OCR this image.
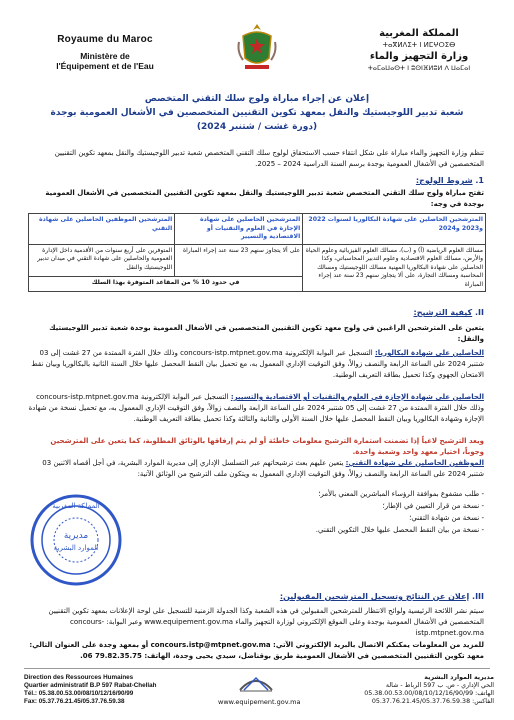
Royaume du Maroc
Ministère de
l'Équipement et de l'Eau
المملكة المغربية
ⵜⴰⴳⵍⴷⵉⵜ ⵏ ⵍⵎⵖⵔⵉⴱ
وزارة التجهيز والماء
ⵜⴰⵎⴰⵡⴰⵙⵜ ⵏ ⵓⵙⵏⴼⵍⵓⵍ ⴷ ⵡⴰⵎⴰⵏ
إعلان عن إجراء مباراة ولوج سلك التقني المتخصص
شعبة تدبير اللوجيستيك والنقل بمعهد تكوين التقنيين المتخصصين في الأشغال العمومية بوجدة
(دورة غشت / شتنبر 2024)
تنظم وزارة التجهيز والماء مباراة على شكل انتقاء حسب الاستحقاق لولوج سلك التقني المتخصص شعبة تدبير اللوجيستيك والنقل بمعهد تكوين التقنيين المتخصصين في الأشغال العمومية بوجدة برسم السنة الدراسية 2024 – 2025.
1. شروط الولوج:
تفتح مباراة ولوج سلك التقني المتخصص شعبة تدبير اللوجيستيك والنقل بمعهد تكوين التقنيين المتخصصين في الأشغال العمومية بوجدة في وجه:
المترشحين الحاصلين على شهادة البكالوريا لسنوات 2022 و2023 و2024	المترشحين الحاصلين على شهادة الإجازة في العلوم والتقنيات أو الاقتصادية والتسيير	المترشحين الموظفين الحاصلين على شهادة التقني
مسالك العلوم الرياضية (أ) و (ب)، مسالك العلوم الفيزيائية وعلوم الحياة والأرض، مسالك العلوم الاقتصادية وعلوم التدبير المحاسباتي، وكذا الحاصلين على شهادة البكالوريا المهنية مسالك اللوجيستيك ومسالك المحاسبة ومسالك التجارة، على ألا يتجاوز سنهم 23 سنة عند إجراء المباراة	على ألا يتجاوز سنهم 23 سنة عند إجراء المباراة	المتوفرين على أربع سنوات من الأقدمية داخل الإدارة العمومية والحاصلين على شهادة التقني في ميدان تدبير اللوجيستيك والنقل
	في حدود 10 % من المقاعد المتوفرة بهذا السلك	
II. كيفية الترشيح:
يتعين على المترشحين الراغبين في ولوج معهد تكوين التقنيين المتخصصين في الأشغال العمومية بوجدة شعبة تدبير اللوجيستيك والنقل:
الحاصلين على شهادة البكالوريا: التسجيل عبر البوابة الإلكترونية concours-istp.mtpnet.gov.ma وذلك خلال الفترة الممتدة من 27 غشت إلى 03 شتنبر 2024 على الساعة الرابعة والنصف زوالاً، وفق التوقيت الإداري المعمول به، مع تحميل بيان النقط المحصل عليها خلال السنة الثانية بالبكالوريا وبيان نقط الامتحان الجهوي وكذا تحميل بطاقة التعريف الوطنية.
الحاصلين على شهادة الإجازة في العلوم والتقنيات أو الاقتصادية والتسيير: التسجيل عبر البوابة الإلكترونية concours-istp.mtpnet.gov.ma وذلك خلال الفترة الممتدة من 27 غشت إلى 05 شتنبر 2024 على الساعة الرابعة والنصف زوالاً، وفق التوقيت الإداري المعمول به، مع تحميل نسخة من شهادة الإجازة وشهادة البكالوريا وبيان النقط المحصل عليها خلال السنة الأولى والثانية والثالثة وكذا تحميل بطاقة التعريف الوطنية.
ويعد الترشيح لاغياً إذا تضمنت استمارة الترشيح معلومات خاطئة أو لم يتم إرفاقها بالوثائق المطلوبة، كما يتعين على المترشحين وجوباً، اختيار معهد واحد وشعبة واحدة.
الموظفين الحاصلين على شهادة التقني: يتعين عليهم بعث ترشيحاتهم عبر التسلسل الإداري إلى مديرية الموارد البشرية، في أجل أقصاه الاثنين 03 شتنبر 2024 على الساعة الرابعة والنصف زوالاً، وفق التوقيت الإداري المعمول به ويتكون ملف الترشيح من الوثائق الآتية:
المملكة المغربية
مديرية
الموارد البشرية
- طلب مشفوع بموافقة الرؤساء المباشرين المعني بالأمر؛
- نسخة من قرار التعيين في الإطار؛
- نسخة من شهادة التقني؛
- نسخة من بيان النقط المحصل عليها خلال التكوين التقني.
III. إعلان عن النتائج وتسجيل المترشحين المقبولين:
سيتم نشر اللائحة الرئيسية ولوائح الانتظار للمترشحين المقبولين في هذه الشعبة وكذا الجدولة الزمنية للتسجيل على لوحة الإعلانات بمعهد تكوين التقنيين المتخصصين في الأشغال العمومية بوجدة وعلى الموقع الإلكتروني لوزارة التجهيز والماء www.equipement.gov.ma وعبر البوابة: concours-istp.mtpnet.gov.ma
للمزيد من المعلومات يمكنكم الاتصال بالبريد الإلكتروني الآتي: concours.istp@mtpnet.gov.ma أو بمعهد وجدة على العنوان التالي: معهد تكوين التقنيين المتخصصين في الأشغال العمومية طريق بوقناضل، سيدي يحيى وجدة، الهاتف: 79.82.35.75 06.
Direction des Ressources Humaines
Quartier administratif B.P 597 Rabat-Chellah
Tél.: 05.38.00.53.00/08/10/12/16/90/99
Fax: 05.37.76.21.45/05.37.76.59.38	www.equipement.gov.ma
مديرية الموارد البشرية
الحي الإداري - ص. ب 597 الرباط - شالة
الهاتف: 05.38.00.53.00/08/10/12/16/90/99
الفاكس: 05.37.76.21.45/05.37.76.59.38
